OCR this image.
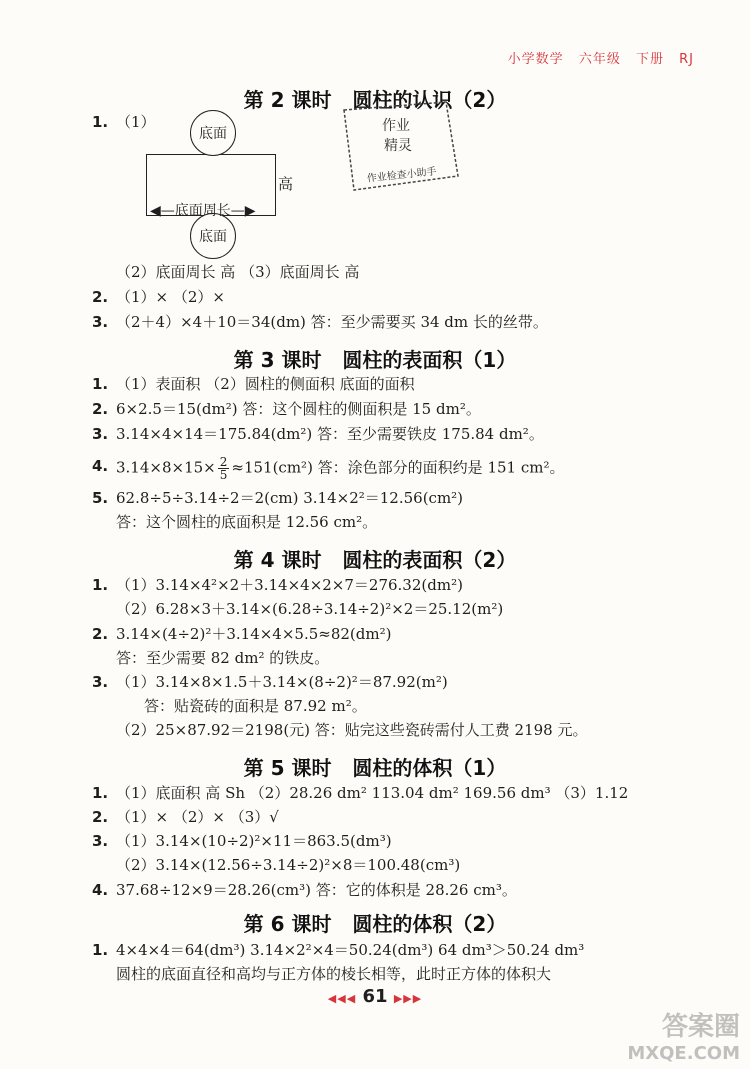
小学数学 六年级 下册 RJ
第 2 课时   圆柱的认识（2）
1. （1）
底面
底面
◀—底面周长—▶
高
作业
精灵
作业检查小助手
（2）底面周长 高 （3）底面周长 高
2. （1）× （2）×
3. （2＋4）×4＋10＝34(dm) 答：至少需要买 34 dm 长的丝带。
第 3 课时   圆柱的表面积（1）
1. （1）表面积 （2）圆柱的侧面积 底面的面积
2. 6×2.5＝15(dm²) 答：这个圆柱的侧面积是 15 dm²。
3. 3.14×4×14＝175.84(dm²) 答：至少需要铁皮 175.84 dm²。
4. $3.14\times 8\times 15\times \frac{2}{5} \approx 151(cm^2)$ 答：涂色部分的面积约是 151 cm²。
5. 62.8÷5÷3.14÷2＝2(cm) 3.14×2²＝12.56(cm²)
答：这个圆柱的底面积是 12.56 cm²。
第 4 课时   圆柱的表面积（2）
1. （1）3.14×4²×2＋3.14×4×2×7＝276.32(dm²)
（2）6.28×3＋3.14×(6.28÷3.14÷2)²×2＝25.12(m²)
2. 3.14×(4÷2)²＋3.14×4×5.5≈82(dm²)
答：至少需要 82 dm² 的铁皮。
3. （1）3.14×8×1.5＋3.14×(8÷2)²＝87.92(m²)
答：贴瓷砖的面积是 87.92 m²。
（2）25×87.92＝2198(元) 答：贴完这些瓷砖需付人工费 2198 元。
第 5 课时   圆柱的体积（1）
1. （1）底面积 高 Sh （2）28.26 dm² 113.04 dm² 169.56 dm³ （3）1.12
2. （1）× （2）× （3）√
3. （1）3.14×(10÷2)²×11＝863.5(dm³)
（2）3.14×(12.56÷3.14÷2)²×8＝100.48(cm³)
4. 37.68÷12×9＝28.26(cm³) 答：它的体积是 28.26 cm³。
第 6 课时   圆柱的体积（2）
1. 4×4×4＝64(dm³) 3.14×2²×4＝50.24(dm³) 64 dm³＞50.24 dm³
圆柱的底面直径和高均与正方体的棱长相等，此时正方体的体积大
◀◀◀ 61 ▶▶▶
答案圈
MXQE.COM
